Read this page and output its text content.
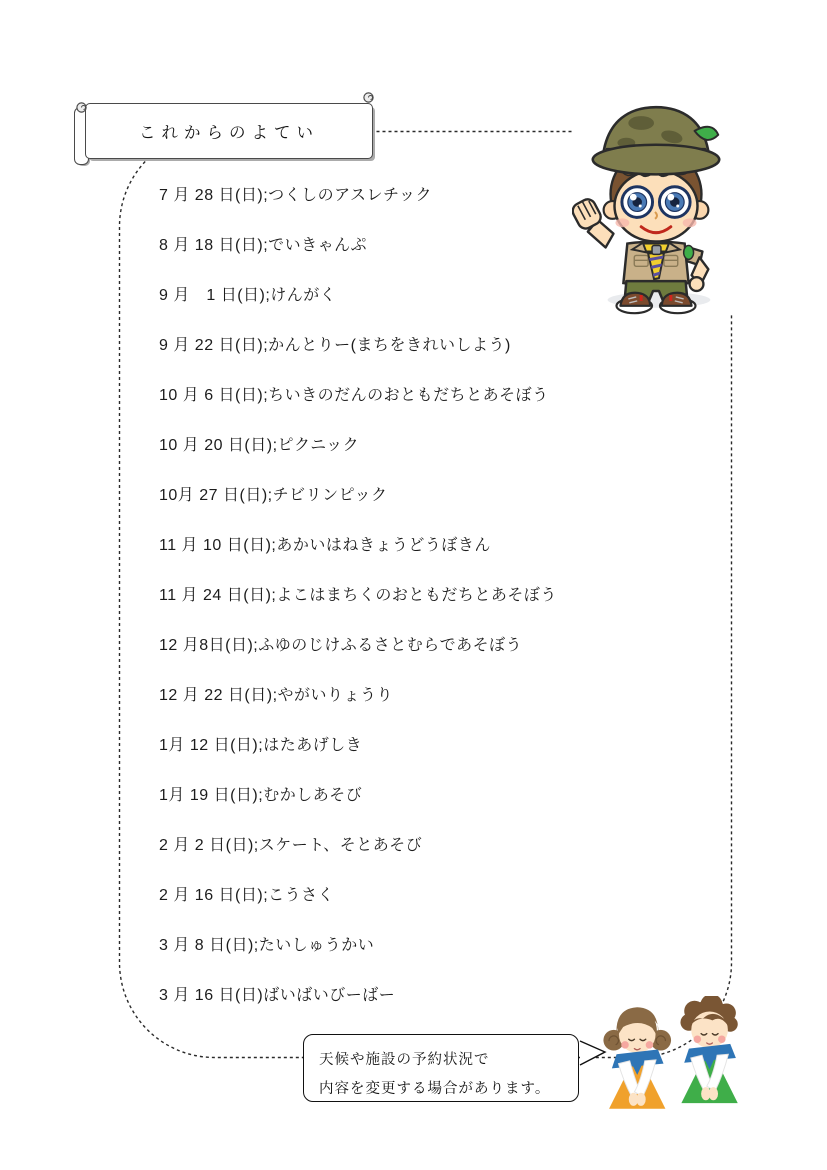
7 月 28 日(日);つくしのアスレチック
8 月 18 日(日);でいきゃんぷ
9 月　1 日(日);けんがく
9 月 22 日(日);かんとりー(まちをきれいしよう)
10 月 6 日(日);ちいきのだんのおともだちとあそぼう
10 月 20 日(日);ピクニック
10月 27 日(日);チビリンピック
11 月 10 日(日);あかいはねきょうどうぼきん
11 月 24 日(日);よこはまちくのおともだちとあそぼう
12 月8日(日);ふゆのじけふるさとむらであそぼう
12 月 22 日(日);やがいりょうり
1月 12 日(日);はたあげしき
1月 19 日(日);むかしあそび
2 月 2 日(日);スケート、そとあそび
2 月 16 日(日);こうさく
3 月 8 日(日);たいしゅうかい
3 月 16 日(日)ばいばいびーばー
これからのよてい
天候や施設の予約状況で
内容を変更する場合があります。
